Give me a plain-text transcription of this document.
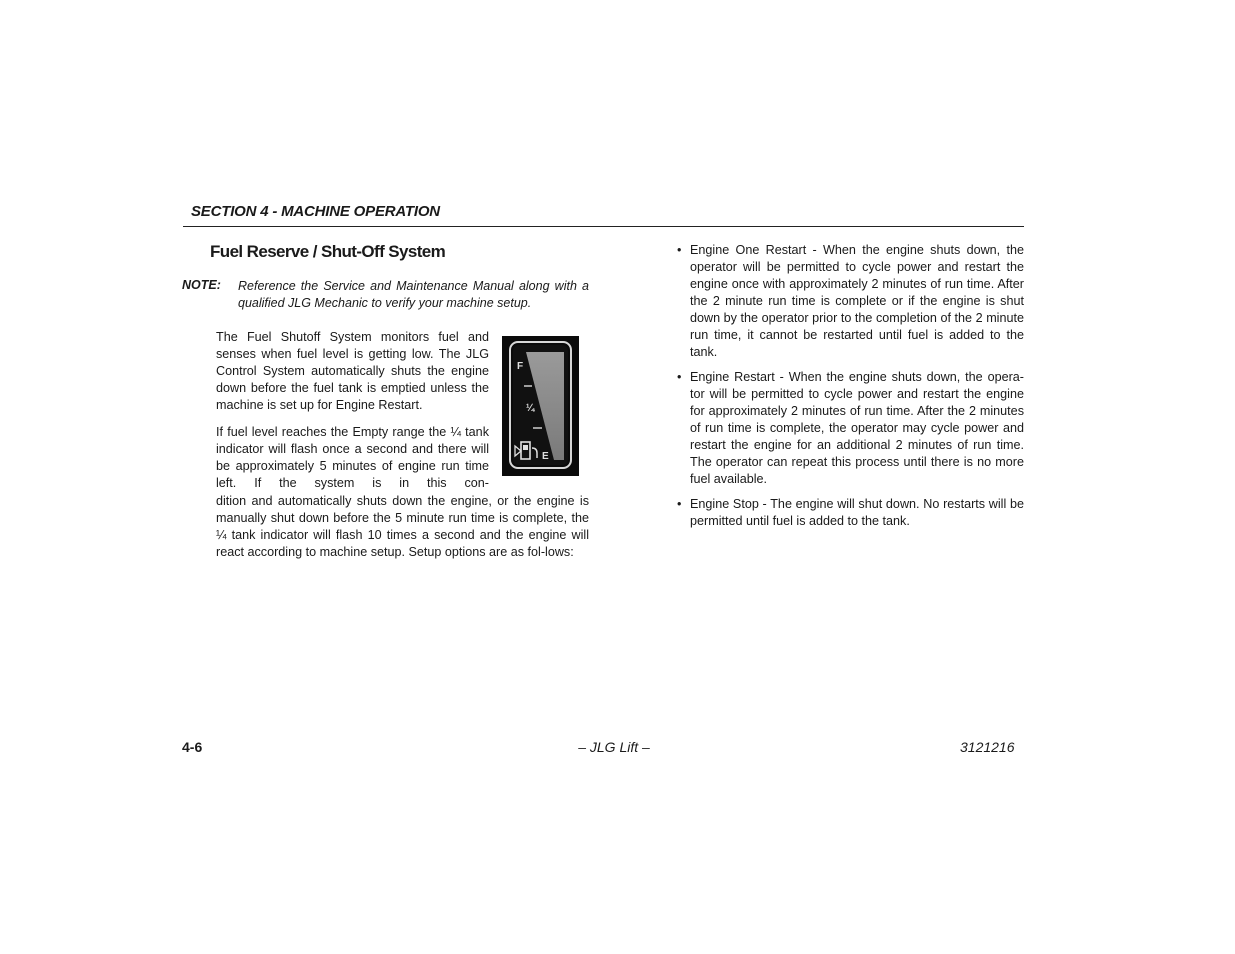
SECTION 4 - MACHINE OPERATION
Fuel Reserve / Shut-Off System
NOTE: Reference the Service and Maintenance Manual along with a qualified JLG Mechanic to verify your machine setup.

The Fuel Shutoff System monitors fuel and senses when fuel level is getting low. The JLG Control System automatically shuts the engine down before the fuel tank is emptied unless the machine is set up for Engine Restart.

If fuel level reaches the Empty range the ¼ tank indicator will flash once a second and there will be approximately 5 minutes of engine run time left. If the system is in this con-

dition and automatically shuts down the engine, or the engine is manually shut down before the 5 minute run time is complete, the ¼ tank indicator will flash 10 times a second and the engine will react according to machine setup. Setup options are as fol-lows:

F
¼
E
• Engine One Restart - When the engine shuts down, the operator will be permitted to cycle power and restart the engine once with approximately 2 minutes of run time. After the 2 minute run time is complete or if the engine is shut down by the operator prior to the completion of the 2 minute run time, it cannot be restarted until fuel is added to the tank.
• Engine Restart - When the engine shuts down, the opera-tor will be permitted to cycle power and restart the engine for approximately 2 minutes of run time. After the 2 minutes of run time is complete, the operator may cycle power and restart the engine for an additional 2 minutes of run time. The operator can repeat this process until there is no more fuel available.
• Engine Stop - The engine will shut down. No restarts will be permitted until fuel is added to the tank.
4-6	– JLG Lift –	3121216
